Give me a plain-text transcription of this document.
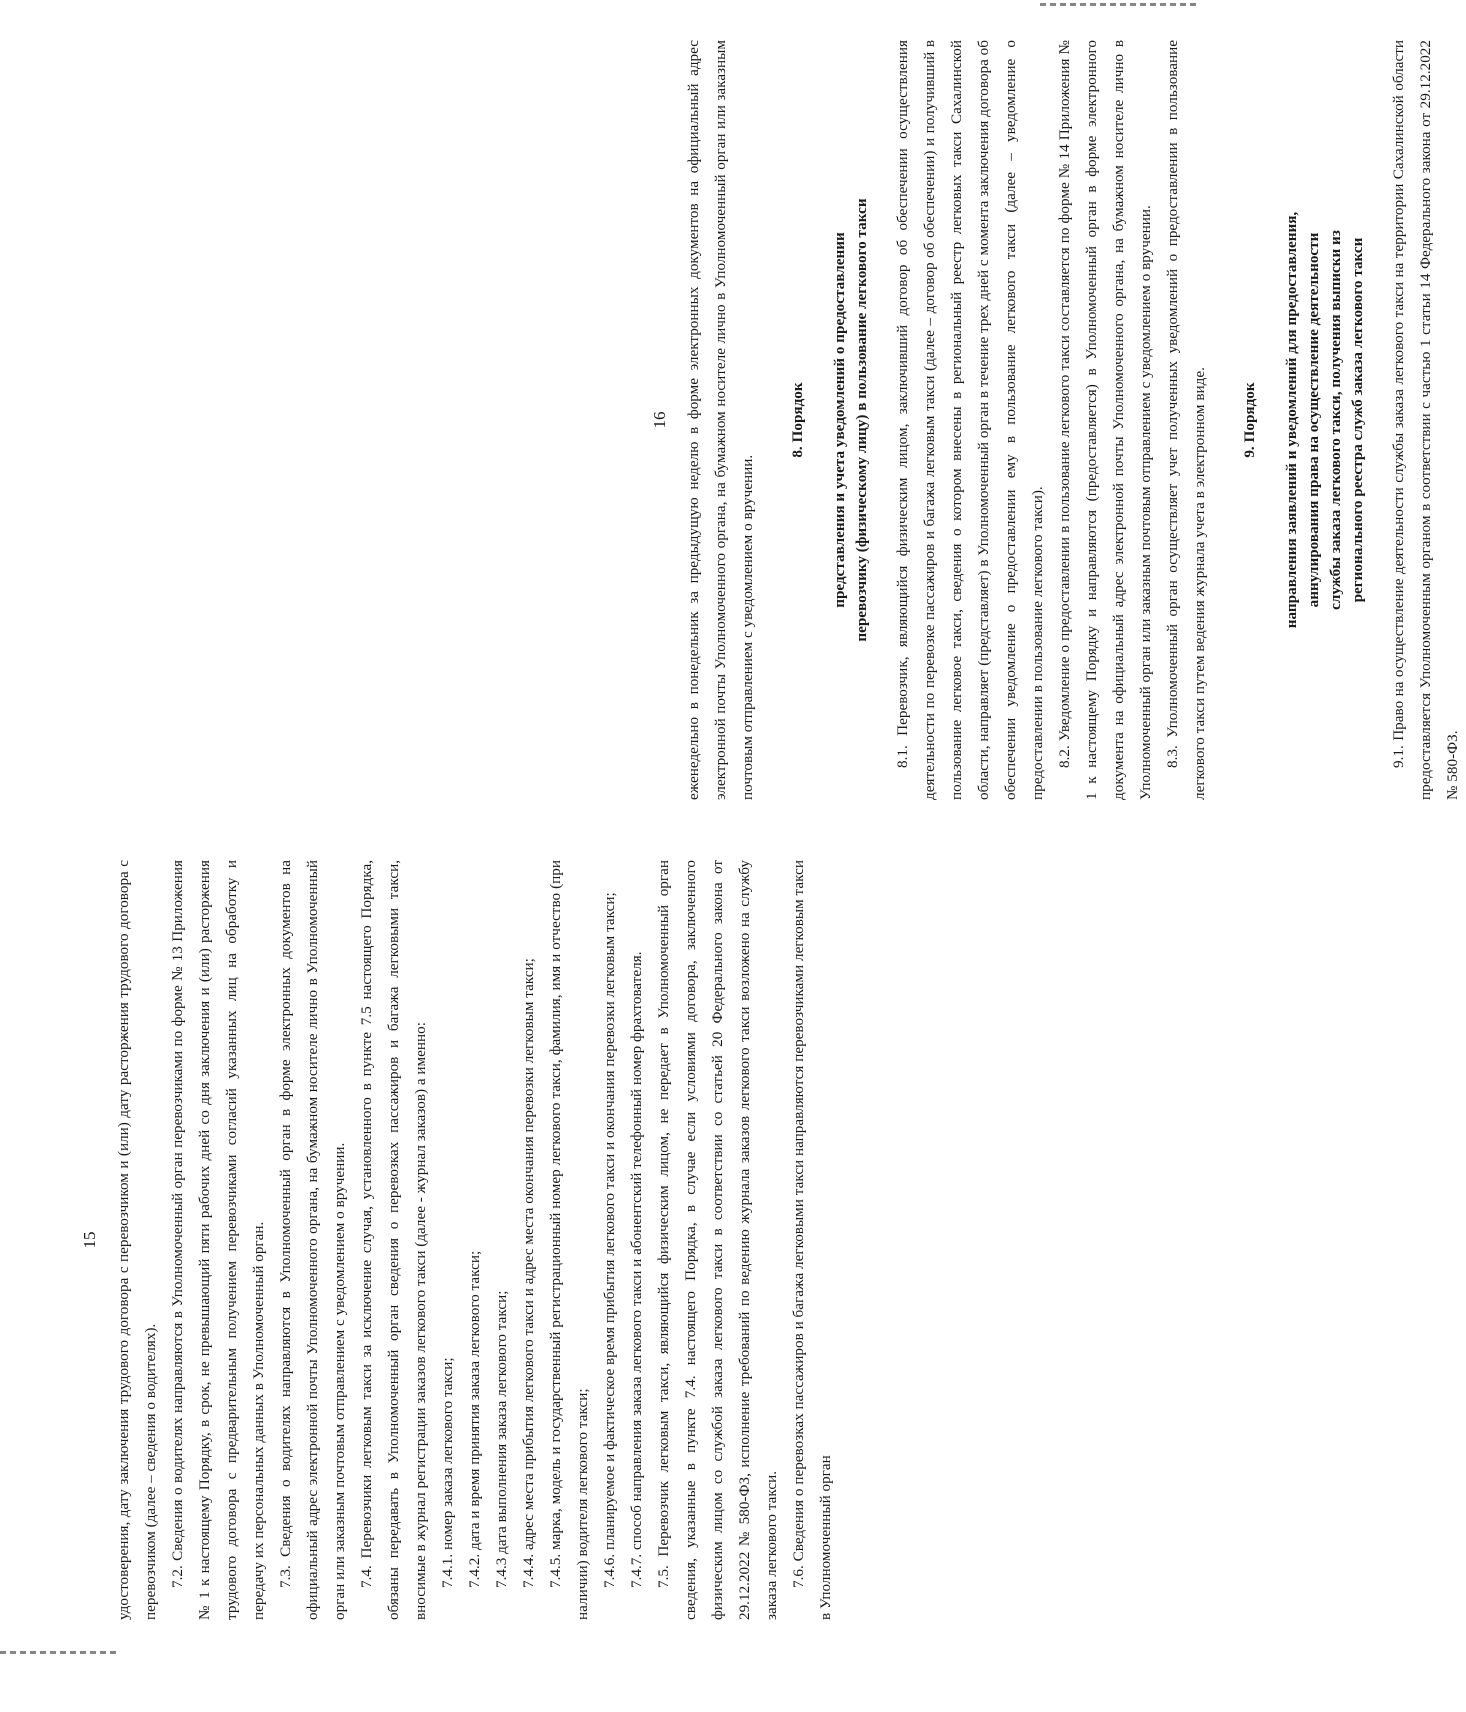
15	удостоверения, дату заключения трудового договора с перевозчиком и (или) дату расторжения трудового договора с перевозчиком (далее – сведения о водителях). 7.2. Сведения о водителях направляются в Уполномоченный орган перевозчиками по форме № 13 Приложения № 1 к настоящему Порядку, в срок, не превышающий пяти рабочих дней со дня заключения и (или) расторжения трудового договора с предварительным получением перевозчиками согласий указанных лиц на обработку и передачу их персональных данных в Уполномоченный орган. 7.3. Сведения о водителях направляются в Уполномоченный орган в форме электронных документов на официальный адрес электронной почты Уполномоченного органа, на бумажном носителе лично в Уполномоченный орган или заказным почтовым отправлением с уведомлением о вручении. 7.4. Перевозчики легковым такси за исключение случая, установленного в пункте 7.5 настоящего Порядка, обязаны передавать в Уполномоченный орган сведения о перевозках пассажиров и багажа легковыми такси, вносимые в журнал регистрации заказов легкового такси (далее - журнал заказов) а именно: 7.4.1. номер заказа легкового такси; 7.4.2. дата и время принятия заказа легкового такси; 7.4.3 дата выполнения заказа легкового такси; 7.4.4. адрес места прибытия легкового такси и адрес места окончания перевозки легковым такси; 7.4.5. марка, модель и государственный регистрационный номер легкового такси, фамилия, имя и отчество (при наличии) водителя легкового такси; 7.4.6. планируемое и фактическое время прибытия легкового такси и окончания перевозки легковым такси; 7.4.7. способ направления заказа легкового такси и абонентский телефонный номер фрахтователя. 7.5. Перевозчик легковым такси, являющийся физическим лицом, не передает в Уполномоченный орган сведения, указанные в пункте 7.4. настоящего Порядка, в случае если условиями договора, заключенного физическим лицом со службой заказа легкового такси в соответствии со статьей 20 Федерального закона от 29.12.2022 № 580-ФЗ, исполнение требований по ведению журнала заказов легкового такси возложено на службу заказа легкового такси. 7.6. Сведения о перевозках пассажиров и багажа легковыми такси направляются перевозчиками легковым такси в Уполномоченный орган

16	еженедельно в понедельник за предыдущую неделю в форме электронных документов на официальный адрес электронной почты Уполномоченного органа, на бумажном носителе лично в Уполномоченный орган или заказным почтовым отправлением с уведомлением о вручении.

8. Порядок представления и учета уведомлений о предоставлении перевозчику (физическому лицу) в пользование легкового такси	8.1. Перевозчик, являющийся физическим лицом, заключивший договор об обеспечении осуществления деятельности по перевозке пассажиров и багажа легковым такси (далее – договор об обеспечении) и получивший в пользование легковое такси, сведения о котором внесены в региональный реестр легковых такси Сахалинской области, направляет (представляет) в Уполномоченный орган в течение трех дней с момента заключения договора об обеспечении уведомление о предоставлении ему в пользование легкового такси (далее – уведомление о предоставлении в пользование легкового такси). 8.2. Уведомление о предоставлении в пользование легкового такси составляется по форме № 14 Приложения № 1 к настоящему Порядку и направляются (предоставляется) в Уполномоченный орган в форме электронного документа на официальный адрес электронной почты Уполномоченного органа, на бумажном носителе лично в Уполномоченный орган или заказным почтовым отправлением с уведомлением о вручении. 8.3. Уполномоченный орган осуществляет учет полученных уведомлений о предоставлении в пользование легкового такси путем ведения журнала учета в электронном виде.	9. Порядок направления заявлений и уведомлений для предоставления, аннулирования права на осуществление деятельности службы заказа легкового такси, получения выписки из регионального реестра служб заказа легкового такси	9.1. Право на осуществление деятельности службы заказа легкового такси на территории Сахалинской области предоставляется Уполномоченным органом в соответствии с частью 1 статьи 14 Федерального закона от 29.12.2022 № 580-ФЗ.
